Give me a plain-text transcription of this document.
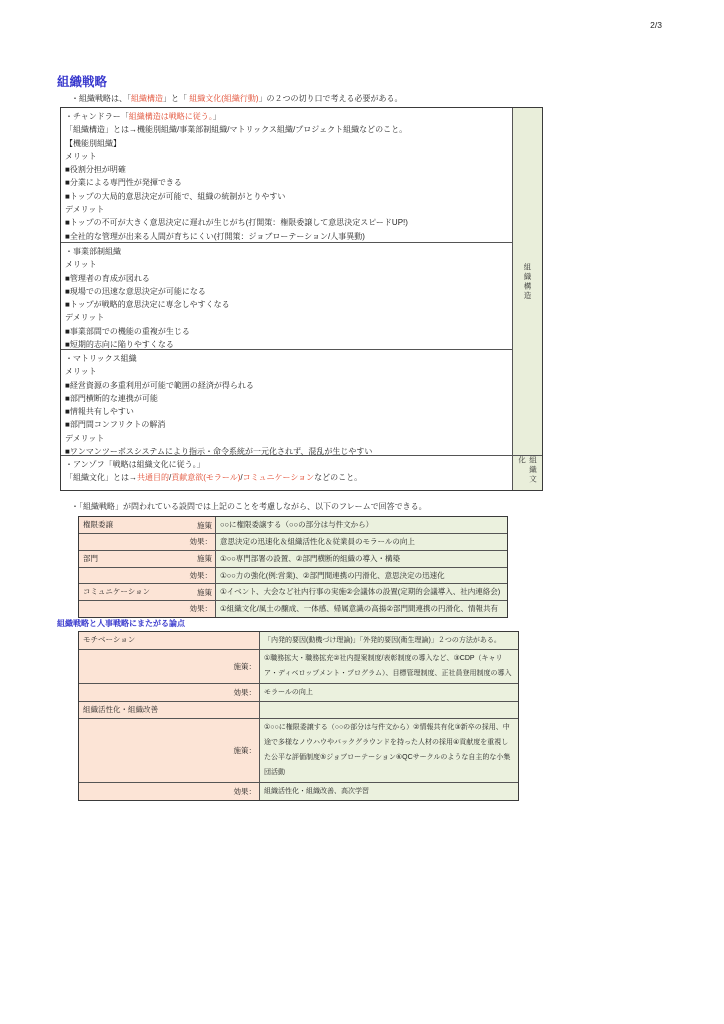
2/3
組織戦略

・組織戦略は、「組織構造」と「 組織文化(組織行動)」の２つの切り口で考える必要がある。

・チャンドラー「組織構造は戦略に従う。」
「組織構造」とは→機能別組織/事業部制組織/マトリックス組織/プロジェクト組織などのこと。
【機能別組織】
メリット
■役割分担が明確
■分業による専門性が発揮できる
■トップの大局的意思決定が可能で、組織の統制がとりやすい
デメリット
■トップの不可が大きく意思決定に遅れが生じがち(打開策：権限委譲して意思決定スピードUP!)
■全社的な管理が出来る人間が育ちにくい(打開策：ジョブローテーション/人事異動)
・事業部制組織
メリット
■管理者の育成が図れる
■現場での迅速な意思決定が可能になる
■トップが戦略的意思決定に専念しやすくなる
デメリット
■事業部間での機能の重複が生じる
■短期的志向に陥りやすくなる
・マトリックス組織
メリット
■経営資源の多重利用が可能で範囲の経済が得られる
■部門横断的な連携が可能
■情報共有しやすい
■部門間コンフリクトの解消
デメリット
■ワンマンツーボスシステムにより指示・命令系統が一元化されず、混乱が生じやすい
・アンゾフ「戦略は組織文化に従う。」
「組織文化」とは→共通目的/貢献意欲(モラール)/コミュニケーションなどのこと。
組織構造
組織文化

・「組織戦略」が問われている設問では上記のことを考慮しながら、以下のフレームで回答できる。

権限委譲	施策	○○に権限委譲する（○○の部分は与件文から）
効果：	意思決定の迅速化＆組織活性化＆従業員のモラールの向上
部門	施策	①○○専門部署の設置、②部門横断的組織の導入・構築
効果：	①○○力の強化(例:営業)、②部門間連携の円滑化、意思決定の迅速化
コミュニケーション	施策	①イベント、大会など社内行事の実施②会議体の設置(定期的会議導入、社内連絡会)
効果：	①組織文化/風土の醸成、一体感、帰属意識の高揚②部門間連携の円滑化、情報共有
組織戦略と人事戦略にまたがる論点
モチベーション	「内発的要因(動機づけ理論)」「外発的要因(衛生理論)」２つの方法がある。
施策：
①職務拡大・職務拡充②社内提案制度/表彰制度の導入など、③CDP（キャリア・ディベロップメント・プログラム）、目標管理制度、正社員登用制度の導入
効果：	モラールの向上
組織活性化・組織改善
施策：
①○○に権限委譲する（○○の部分は与件文から）②情報共有化③新卒の採用、中途で多様なノウハウやバックグラウンドを持った人材の採用④貢献度を重視した公平な評価制度⑤ジョブローテーション⑥QCサークルのような自主的な小集団活動
効果：	組織活性化・組織改善、高次学習
